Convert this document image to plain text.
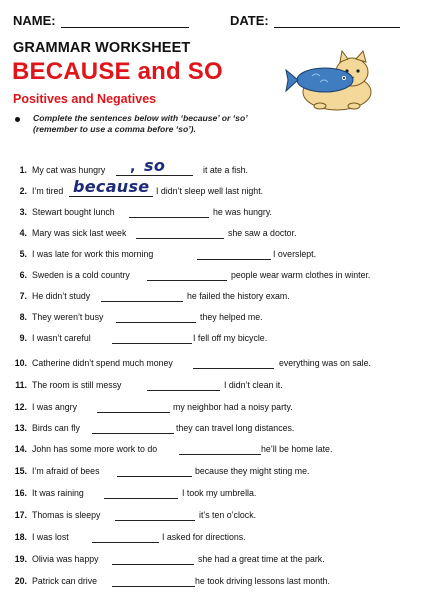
NAME:	DATE:
GRAMMAR WORKSHEET
BECAUSE and SO
Positives and Negatives
Complete the sentences below with ‘because’ or ‘so’
(remember to use a comma before ‘so’).
1. My cat was hungry	it ate a fish.
, so
2. I’m tired	I didn’t sleep well last night.
because
3. Stewart bought lunch	he was hungry.
4. Mary was sick last week	she saw a doctor.
5. I was late for work this morning	I overslept.
6. Sweden is a cold country	people wear warm clothes in winter.
7. He didn’t study	he failed the history exam.
8. They weren’t busy	they helped me.
9. I wasn’t careful	I fell off my bicycle.
10. Catherine didn’t spend much money	everything was on sale.
11. The room is still messy	I didn’t clean it.
12. I was angry	my neighbor had a noisy party.
13. Birds can fly	they can travel long distances.
14. John has some more work to do	he’ll be home late.
15. I’m afraid of bees	because they might sting me.
16. It was raining	I took my umbrella.
17. Thomas is sleepy	it’s ten o’clock.
18. I was lost	I asked for directions.
19. Olivia was happy	she had a great time at the park.
20. Patrick can drive	he took driving lessons last month.
